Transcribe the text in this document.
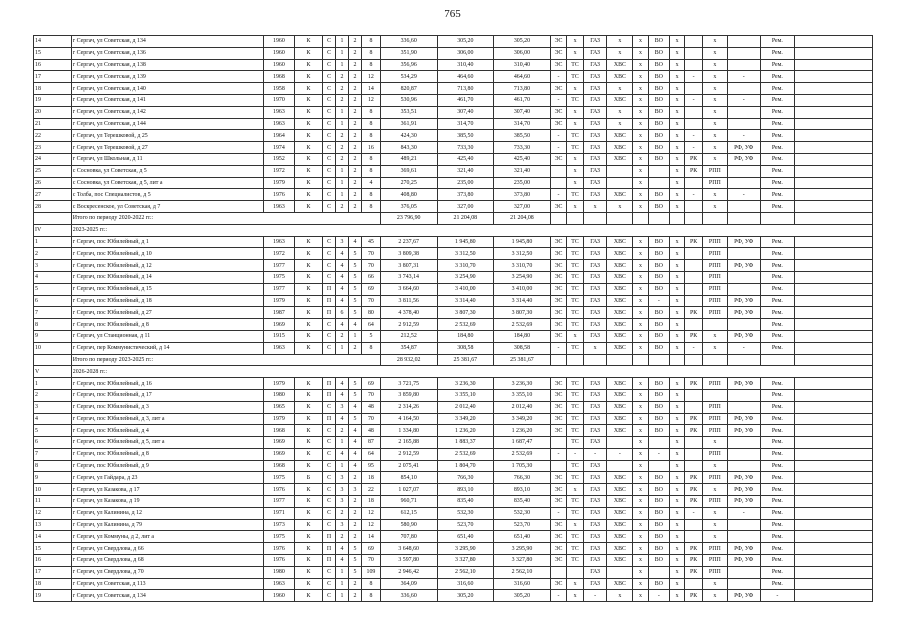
765
14	г Сергач, ул Советская, д 134	1960	К	С	1	2	8	336,60	305,20	305,20	ЭС	х	ГАЗ	х	х	ВО	х		х		Рем.	
15	г Сергач, ул Советская, д 136	1960	К	С	1	2	8	351,90	306,00	306,00	ЭС	х	ГАЗ	х	х	ВО	х		х		Рем.	
16	г Сергач, ул Советская, д 138	1960	К	С	1	2	8	356,96	310,40	310,40	ЭС	ТС	ГАЗ	ХВС	х	ВО	х		х		Рем.	
17	г Сергач, ул Советская, д 139	1968	К	С	2	2	12	534,29	464,60	464,60	-	ТС	ГАЗ	ХВС	х	ВО	х	-	х	-	Рем.	
18	г Сергач, ул Советская, д 140	1958	К	С	2	2	14	820,87	713,80	713,80	ЭС	х	ГАЗ	х	х	ВО	х		х		Рем.	
19	г Сергач, ул Советская, д 141	1970	К	С	2	2	12	530,96	461,70	461,70	-	ТС	ГАЗ	ХВС	х	ВО	х	-	х	-	Рем.	
20	г Сергач, ул Советская, д 142	1963	К	С	1	2	8	353,51	307,40	307,40	ЭС	х	ГАЗ	х	х	ВО	х		х		Рем.	
21	г Сергач, ул Советская, д 144	1963	К	С	1	2	8	361,91	314,70	314,70	ЭС	х	ГАЗ	х	х	ВО	х		х		Рем.	
22	г Сергач, ул Терешковой, д 25	1964	К	С	2	2	8	424,30	385,50	385,50	-	ТС	ГАЗ	ХВС	х	ВО	х	-	х	-	Рем.	
23	г Сергач, ул Терешковой, д 27	1974	К	С	2	2	16	843,30	733,30	733,30	-	ТС	ГАЗ	ХВС	х	ВО	х	-	х	РФ, УФ	Рем.	
24	г Сергач, ул Школьная, д 11	1952	К	С	2	2	8	489,21	425,40	425,40	ЭС	х	ГАЗ	ХВС	х	ВО	х	РК	х	РФ, УФ	Рем.	
25	с Сосновка, ул Советская, д 5	1972	К	С	1	2	8	369,61	321,40	321,40		х	ГАЗ		х		х	РК	РПП		Рем.	
26	с Сосновка, ул Советская, д 5, лит а	1979	К	С	1	2	4	270,25	235,00	235,00		х	ГАЗ		х		х		РПП		Рем.	
27	с Толба, пос Специалистов, д 5	1976	К	С	1	2	8	408,80	373,80	373,80	-	ТС	ГАЗ	ХВС	х	ВО	х	-	х	-	Рем.	
28	с Воскресенское, ул Советская, д 7	1963	К	С	2	2	8	376,05	327,00	327,00	ЭС	х	х	х	х	ВО	х		х		Рем.	
	Итого по периоду 2020-2022 гг.:							23 796,90	21 204,08	21 204,08												
IV	2023-2025 гг.:																					
1	г Сергач, пос Юбилейный, д 1	1963	К	С	3	4	45	2 237,67	1 945,80	1 945,80	ЭС	ТС	ГАЗ	ХВС	х	ВО	х	РК	РПП	РФ, УФ	Рем.	
2	г Сергач, пос Юбилейный, д 10	1972	К	С	4	5	70	3 809,38	3 312,50	3 312,50	ЭС	ТС	ГАЗ	ХВС	х	ВО	х		РПП		Рем.	
3	г Сергач, пос Юбилейный, д 12	1977	К	С	4	5	70	3 807,31	3 310,70	3 310,70	ЭС	ТС	ГАЗ	ХВС	х	ВО	х		РПП	РФ, УФ	Рем.	
4	г Сергач, пос Юбилейный, д 14	1975	К	С	4	5	66	3 743,14	3 254,90	3 254,90	ЭС	ТС	ГАЗ	ХВС	х	ВО	х		РПП		Рем.	
5	г Сергач, пос Юбилейный, д 15	1977	К	П	4	5	69	3 664,60	3 410,00	3 410,00	ЭС	ТС	ГАЗ	ХВС	х	ВО	х		РПП		Рем.	
6	г Сергач, пос Юбилейный, д 18	1979	К	П	4	5	70	3 811,56	3 314,40	3 314,40	ЭС	ТС	ГАЗ	ХВС	х	-	х		РПП	РФ, УФ	Рем.	
7	г Сергач, пос Юбилейный, д 27	1987	К	П	6	5	80	4 378,40	3 807,30	3 807,30	ЭС	ТС	ГАЗ	ХВС	х	ВО	х	РК	РПП	РФ, УФ	Рем.	
8	г Сергач, пос Юбилейный, д 8	1969	К	С	4	4	64	2 912,59	2 532,69	2 532,69	ЭС	ТС	ГАЗ	ХВС	х	ВО	х				Рем.	
9	г Сергач, ул Станционная, д 11	1915	К	С	2	1	5	212,52	184,80	184,80	ЭС	х	ГАЗ	ХВС	х	ВО	х	РК	х	РФ, УФ	Рем.	
10	г Сергач, пер Коммунистический, д 14	1963	К	С	1	2	8	354,87	308,58	308,58	-	ТС	х	ХВС	х	ВО	х	-	х	-	Рем.	
	Итого по периоду 2023-2025 гг.:							28 932,02	25 381,67	25 381,67												
V	2026-2028 гг.:																					
1	г Сергач, пос Юбилейный, д 16	1979	К	П	4	5	69	3 721,75	3 236,30	3 236,30	ЭС	ТС	ГАЗ	ХВС	х	ВО	х	РК	РПП	РФ, УФ	Рем.	
2	г Сергач, пос Юбилейный, д 17	1980	К	П	4	5	70	3 859,80	3 355,10	3 355,10	ЭС	ТС	ГАЗ	ХВС	х	ВО	х				Рем.	
3	г Сергач, пос Юбилейный, д 3	1965	К	С	3	4	48	2 314,26	2 012,40	2 012,40	ЭС	ТС	ГАЗ	ХВС	х	ВО	х		РПП		Рем.	
4	г Сергач, пос Юбилейный, д 3, лит а	1979	К	П	4	5	70	4 164,50	3 349,20	3 349,20	ЭС	ТС	ГАЗ	ХВС	х	ВО	х	РК	РПП	РФ, УФ	Рем.	
5	г Сергач, пос Юбилейный, д 4	1968	К	С	2	4	48	1 334,80	1 236,20	1 236,20	ЭС	ТС	ГАЗ	ХВС	х	ВО	х	РК	РПП	РФ, УФ	Рем.	
6	г Сергач, пос Юбилейный, д 5, лит а	1969	К	С	1	4	87	2 165,88	1 883,37	1 687,47		ТС	ГАЗ		х		х		х		Рем.	
7	г Сергач, пос Юбилейный, д 8	1969	К	С	4	4	64	2 912,59	2 532,69	2 532,69	-	-	-	-	х	-	х		РПП		Рем.	
8	г Сергач, пос Юбилейный, д 9	1968	К	С	1	4	95	2 075,41	1 804,70	1 705,30		ТС	ГАЗ		х		х		х		Рем.	
9	г Сергач, ул Гайдара, д 23	1975	Б	С	3	2	18	854,10	766,30	766,30	ЭС	ТС	ГАЗ	ХВС	х	ВО	х	РК	РПП	РФ, УФ	Рем.	
10	г Сергач, ул Казакова, д 17	1976	К	С	3	3	22	1 027,07	893,10	893,10	ЭС	х	ГАЗ	ХВС	х	ВО	х	РК	х	РФ, УФ	Рем.	
11	г Сергач, ул Казакова, д 19	1977	К	С	3	2	18	960,71	835,40	835,40	ЭС	ТС	ГАЗ	ХВС	х	ВО	х	РК	РПП	РФ, УФ	Рем.	
12	г Сергач, ул Калинина, д 12	1971	К	С	2	2	12	612,15	532,30	532,30	-	ТС	ГАЗ	ХВС	х	ВО	х	-	х	-	Рем.	
13	г Сергач, ул Калинина, д 79	1973	К	С	3	2	12	580,90	523,70	523,70	ЭС	х	ГАЗ	ХВС	х	ВО	х		х		Рем.	
14	г Сергач, ул Коммуны, д 2, лит а	1975	К	П	2	2	14	707,80	651,40	651,40	ЭС	ТС	ГАЗ	ХВС	х	ВО	х		х		Рем.	
15	г Сергач, ул Свердлова, д 66	1976	К	П	4	5	69	3 648,60	3 295,90	3 295,90	ЭС	ТС	ГАЗ	ХВС	х	ВО	х	РК	РПП	РФ, УФ	Рем.	
16	г Сергач, ул Свердлова, д 68	1976	К	П	4	5	70	3 597,80	3 327,80	3 327,80	ЭС	ТС	ГАЗ	ХВС	х	ВО	х	РК	РПП	РФ, УФ	Рем.	
17	г Сергач, ул Свердлова, д 70	1980	К	С	1	5	109	2 946,42	2 562,10	2 562,10			ГАЗ		х		х	РК	РПП		Рем.	
18	г Сергач, ул Советская, д 113	1963	К	С	1	2	8	364,09	316,60	316,60	ЭС	х	ГАЗ	ХВС	х	ВО	х		х		Рем.	
19	г Сергач, ул Советская, д 134	1960	К	С	1	2	8	336,60	305,20	305,20	-	х	-	х	х	-	х	РК	х	РФ, УФ	-	
